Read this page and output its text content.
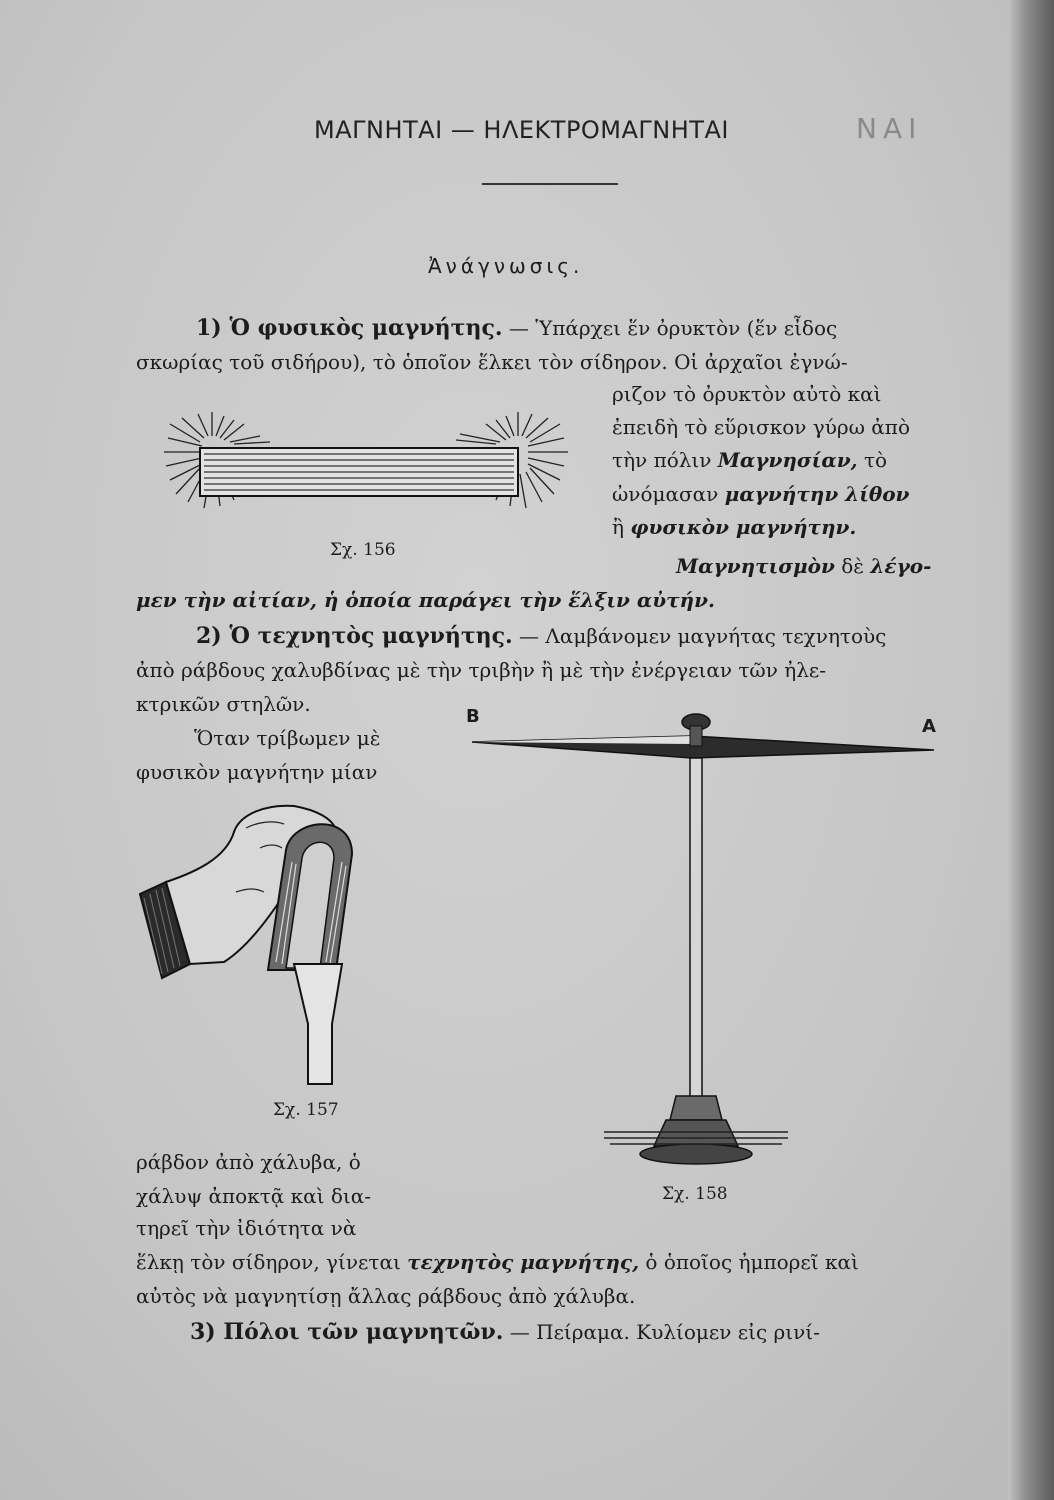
ΜΑΓΝΗΤΑΙ — ΗΛΕΚΤΡΟΜΑΓΝΗΤΑΙ	ΝΑΙ
Ἀνάγνωσις.
1) Ὁ φυσικὸς μαγνήτης. — Ὑπάρχει ἕν ὀρυκτὸν (ἕν εἶδος
σκωρίας τοῦ σιδήρου), τὸ ὁποῖον ἕλκει τὸν σίδηρον. Οἱ ἀρχαῖοι ἐγνώ-
ριζον τὸ ὀρυκτὸν αὐτὸ καὶ
ἐπειδὴ τὸ εὕρισκον γύρω ἀπὸ
τὴν πόλιν Μαγνησίαν, τὸ
ὠνόμασαν μαγνήτην λίθον
ἢ φυσικὸν μαγνήτην.
Μαγνητισμὸν δὲ λέγο-
μεν τὴν αἰτίαν, ἡ ὁποία παράγει τὴν ἕλξιν αὐτήν.
2) Ὁ τεχνητὸς μαγνήτης. — Λαμβάνομεν μαγνήτας τεχνητοὺς
ἀπὸ ράβδους χαλυβδίνας μὲ τὴν τριβὴν ἢ μὲ τὴν ἐνέργειαν τῶν ἠλε-
κτρικῶν στηλῶν.
Ὅταν τρίβωμεν μὲ
φυσικὸν μαγνήτην μίαν
ράβδον ἀπὸ χάλυβα, ὁ
χάλυψ ἀποκτᾷ καὶ δια-
τηρεῖ τὴν ἰδιότητα νὰ
ἕλκῃ τὸν σίδηρον, γίνεται τεχνητὸς μαγνήτης, ὁ ὁποῖος ἠμπορεῖ καὶ
αὐτὸς νὰ μαγνητίσῃ ἄλλας ράβδους ἀπὸ χάλυβα.
3) Πόλοι τῶν μαγνητῶν. — Πείραμα. Κυλίομεν εἰς ρινί-
Σχ. 156
Σχ. 157
B	A
Σχ. 158
